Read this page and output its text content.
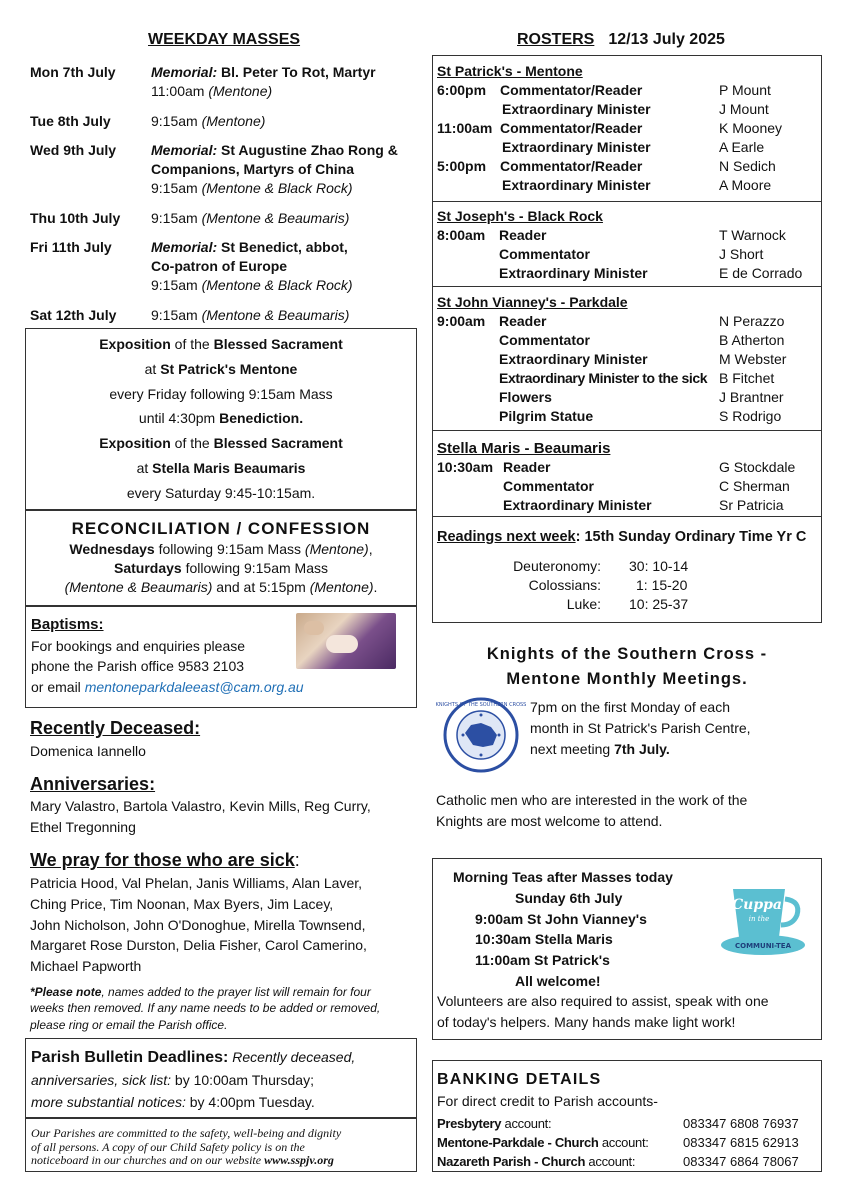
WEEKDAY MASSES
Mon 7th July	Memorial: Bl. Peter To Rot, Martyr
11:00am (Mentone)
Tue 8th July	9:15am (Mentone)
Wed 9th July Memorial: St Augustine Zhao Rong &
Companions, Martyrs of China
9:15am (Mentone & Black Rock)
Thu 10th July 9:15am (Mentone & Beaumaris)
Fri 11th July	Memorial: St Benedict, abbot,
Co-patron of Europe
9:15am (Mentone & Black Rock)
Sat 12th July 9:15am (Mentone & Beaumaris)
Exposition of the Blessed Sacrament
at St Patrick's Mentone
every Friday following 9:15am Mass
until 4:30pm Benediction.
Exposition of the Blessed Sacrament
at Stella Maris Beaumaris
every Saturday 9:45-10:15am.
RECONCILIATION / CONFESSION
Wednesdays following 9:15am Mass (Mentone),
Saturdays following 9:15am Mass
(Mentone & Beaumaris) and at 5:15pm (Mentone).
Baptisms:
For bookings and enquiries please
phone the Parish office 9583 2103
or email mentoneparkdaleeast@cam.org.au
Recently Deceased:
Domenica Iannello
Anniversaries:
Mary Valastro, Bartola Valastro, Kevin Mills, Reg Curry,
Ethel Tregonning
We pray for those who are sick:
Patricia Hood, Val Phelan, Janis Williams, Alan Laver,
Ching Price, Tim Noonan, Max Byers, Jim Lacey,
John Nicholson, John O'Donoghue, Mirella Townsend,
Margaret Rose Durston, Delia Fisher, Carol Camerino,
Michael Papworth
*Please note, names added to the prayer list will remain for four
weeks then removed. If any name needs to be added or removed,
please ring or email the Parish office.
Parish Bulletin Deadlines: Recently deceased,
anniversaries, sick list: by 10:00am Thursday;
more substantial notices: by 4:00pm Tuesday.
Our Parishes are committed to the safety, well-being and dignity
of all persons. A copy of our Child Safety policy is on the
noticeboard in our churches and on our website www.sspjv.org
ROSTERS 12/13 July 2025
St Patrick's - Mentone
6:00pm Commentator/Reader	P Mount
Extraordinary Minister	J Mount
11:00am Commentator/Reader	K Mooney
Extraordinary Minister	A Earle
5:00pm Commentator/Reader	N Sedich
Extraordinary Minister	A Moore
St Joseph's - Black Rock
8:00am Reader	T Warnock
Commentator	J Short
Extraordinary Minister	E de Corrado
St John Vianney's - Parkdale
9:00am Reader	N Perazzo
Commentator	B Atherton
Extraordinary Minister	M Webster
Extraordinary Minister to the sick B Fitchet
Flowers	J Brantner
Pilgrim Statue	S Rodrigo
Stella Maris - Beaumaris
10:30am Reader	G Stockdale
Commentator	C Sherman
Extraordinary Minister	Sr Patricia
Readings next week: 15th Sunday Ordinary Time Yr C
Deuteronomy: 30: 10-14
Colossians:	1: 15-20
Luke: 10: 25-37
Knights of the Southern Cross -
Mentone Monthly Meetings.
KNIGHTS OF THE SOUTHERN CROSS 7pm on the first Monday of each
month in St Patrick's Parish Centre,
next meeting 7th July.
Catholic men who are interested in the work of the
Knights are most welcome to attend.
Morning Teas after Masses today
Sunday 6th July
9:00am St John Vianney's
10:30am Stella Maris
11:00am St Patrick's
All welcome!
Volunteers are also required to assist, speak with one
of today's helpers. Many hands make light work!
Cuppa
in the
COMMUNI-TEA
BANKING DETAILS
For direct credit to Parish accounts-
Presbytery account:	083347 6808 76937
Mentone-Parkdale - Church account:	083347 6815 62913
Nazareth Parish - Church account:	083347 6864 78067
